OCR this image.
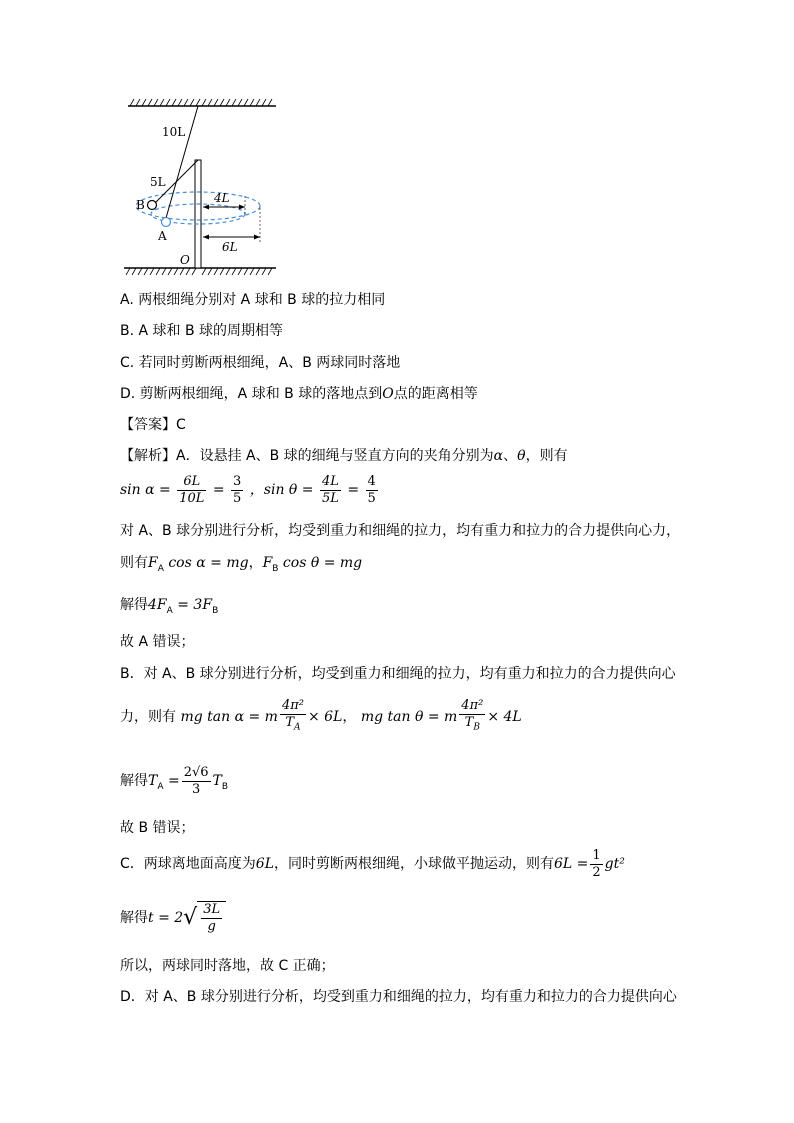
10L
5L
B
A
4L
6L
O
A. 两根细绳分别对 A 球和 B 球的拉力相同
B. A 球和 B 球的周期相等
C. 若同时剪断两根细绳，A、B 两球同时落地
D. 剪断两根细绳，A 球和 B 球的落地点到O点的距离相等
【答案】C
【解析】A．设悬挂 A、B 球的细绳与竖直方向的夹角分别为α、θ，则有
$\sin \alpha = \frac{6L}{10L} = \frac{3}{5}$ ，$\sin \theta = \frac{4L}{5L} = \frac{4}{5}$
对 A、B 球分别进行分析，均受到重力和细绳的拉力，均有重力和拉力的合力提供向心力，
则有$F_A$ cos α = mg，$F_B$ cos θ = mg
解得$4F_A = 3F_B$
故 A 错误；
B．对 A、B 球分别进行分析，均受到重力和细绳的拉力，均有重力和拉力的合力提供向心
力，则有 mg tan α = m $\frac{\text{4π²}}{T_A} \times 6L$， mg tan θ = m $\frac{\text{4π²}}{T_B} \times 4L$
解得$T_A = \frac{2√6}{3} T_B$
故 B 错误；
C．两球离地面高度为6L，同时剪断两根细绳，小球做平抛运动，则有$6L = \frac{1}{2} gt^2$
解得$t = 2√ \frac{3L}{g}$
所以，两球同时落地，故 C 正确；
D．对 A、B 球分别进行分析，均受到重力和细绳的拉力，均有重力和拉力的合力提供向心
